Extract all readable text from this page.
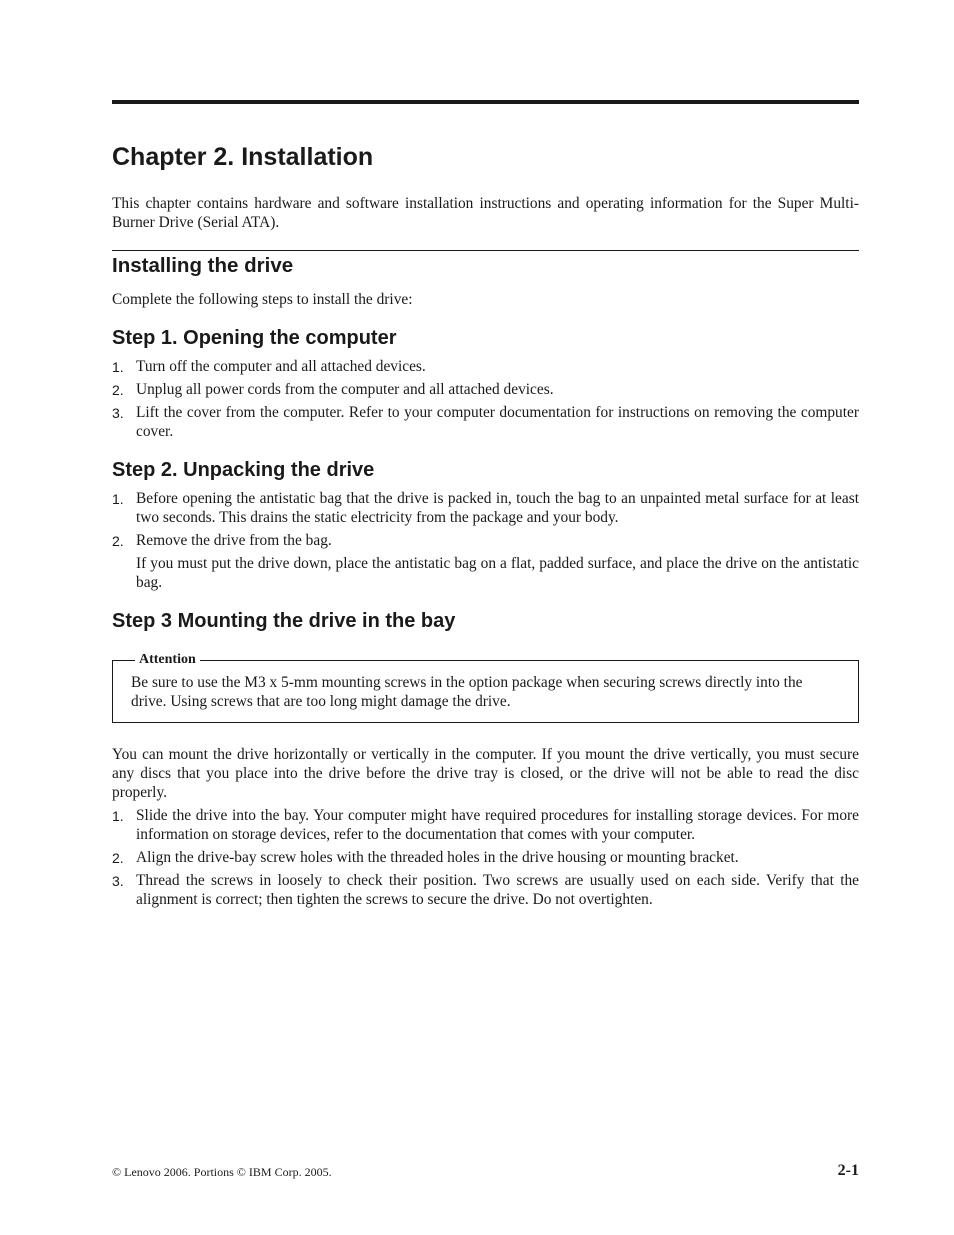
Chapter 2. Installation

This chapter contains hardware and software installation instructions and operating information for the Super Multi-Burner Drive (Serial ATA).

Installing the drive

Complete the following steps to install the drive:

Step 1. Opening the computer
1. Turn off the computer and all attached devices.
2. Unplug all power cords from the computer and all attached devices.
3. Lift the cover from the computer. Refer to your computer documentation for instructions on removing the computer cover.
Step 2. Unpacking the drive
1. Before opening the antistatic bag that the drive is packed in, touch the bag to an unpainted metal surface for at least two seconds. This drains the static electricity from the package and your body.
2. Remove the drive from the bag.
If you must put the drive down, place the antistatic bag on a flat, padded surface, and place the drive on the antistatic bag.
Step 3 Mounting the drive in the bay
Attention

Be sure to use the M3 x 5-mm mounting screws in the option package when securing screws directly into the drive. Using screws that are too long might damage the drive.

You can mount the drive horizontally or vertically in the computer. If you mount the drive vertically, you must secure any discs that you place into the drive before the drive tray is closed, or the drive will not be able to read the disc properly.

1. Slide the drive into the bay. Your computer might have required procedures for installing storage devices. For more information on storage devices, refer to the documentation that comes with your computer.
2. Align the drive-bay screw holes with the threaded holes in the drive housing or mounting bracket.
3. Thread the screws in loosely to check their position. Two screws are usually used on each side. Verify that the alignment is correct; then tighten the screws to secure the drive. Do not overtighten.
© Lenovo 2006. Portions © IBM Corp. 2005.	2-1
